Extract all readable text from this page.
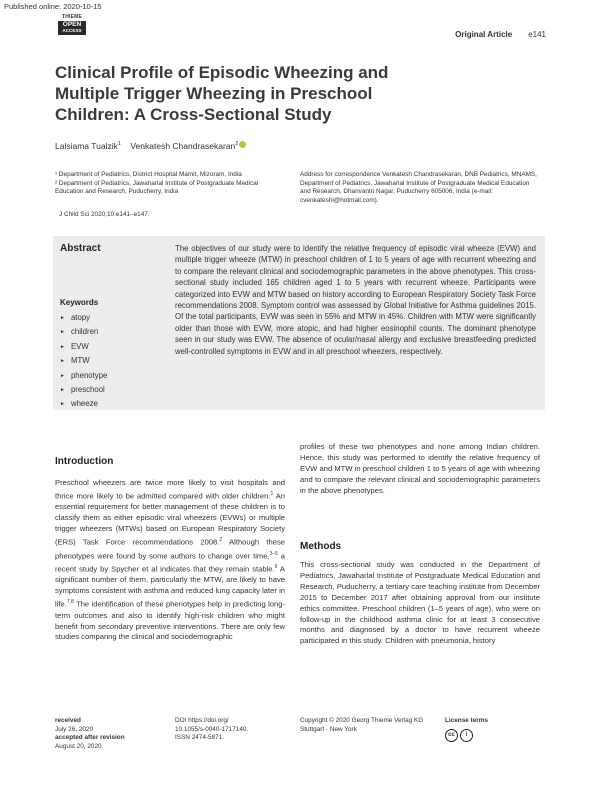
Published online: 2020-10-15
THIEME
OPEN
ACCESS	Original Article e141
Clinical Profile of Episodic Wheezing and Multiple Trigger Wheezing in Preschool Children: A Cross-Sectional Study
Lalsiama Tualzik$^1$ Venkatesh Chandrasekaran$^2$

¹ Department of Pediatrics, District Hospital Mamit, Mizoram, India

² Department of Pediatrics, Jawaharlal Institute of Postgraduate Medical Education and Research, Puducherry, India

J Child Sci 2020;10:e141–e147.
Address for correspondence Venkatesh Chandrasekaran, DNB Pediatrics, MNAMS, Department of Pediatrics, Jawaharlal Institute of Postgraduate Medical Education and Research, Dhanvantri Nagar, Puducherry 605006, India (e-mail: cvenkateshl@hotmail.com).
Abstract	The objectives of our study were to identify the relative frequency of episodic viral wheeze (EVW) and multiple trigger wheeze (MTW) in preschool children of 1 to 5 years of age with recurrent wheezing and to compare the relevant clinical and sociodemographic parameters in the above phenotypes. This cross-sectional study included 165 children aged 1 to 5 years with recurrent wheeze. Participants were categorized into EVW and MTW based on history according to European Respiratory Society Task Force recommendations 2008. Symptom control was assessed by Global Initiative for Asthma guidelines 2015. Of the total participants, EVW was seen in 55% and MTW in 45%. Children with MTW were significantly older than those with EVW, more atopic, and had higher eosinophil counts. The dominant phenotype seen in our study was EVW. The absence of ocular/nasal allergy and exclusive breastfeeding predicted well-controlled symptoms in EVW and in all preschool wheezers, respectively.

Keywords
► atopy
► children
► EVW
► MTW
► phenotype
► preschool
► wheeze
Introduction

Preschool wheezers are twice more likely to visit hospitals and thrice more likely to be admitted compared with older children.$^1$ An essential requirement for better management of these children is to classify them as either episodic viral wheezers (EVWs) or multiple trigger wheezers (MTWs) based on European Respiratory Society (ERS) Task Force recommendations 2008.$^2$ Although these phenotypes were found by some authors to change over time,$^{3-5}$ a recent study by Spycher et al indicates that they remain stable.$^6$ A significant number of them, particularly the MTW, are likely to have symptoms consistent with asthma and reduced lung capacity later in life.$^{7,8}$ The identification of these phenotypes help in predicting long-term outcomes and also to identify high-risk children who might benefit from secondary preventive interventions. There are only few studies comparing the clinical and sociodemographic

profiles of these two phenotypes and none among Indian children. Hence, this study was performed to identify the relative frequency of EVW and MTW in preschool children 1 to 5 years of age with wheezing and to compare the relevant clinical and sociodemographic parameters in the above phenotypes.

Methods

This cross-sectional study was conducted in the Department of Pediatrics, Jawaharlal Institute of Postgraduate Medical Education and Research, Puducherry, a tertiary care teaching institute from December 2015 to December 2017 after obtaining approval from our institute ethics committee. Preschool children (1–5 years of age), who were on follow-up in the childhood asthma clinic for at least 3 consecutive months and diagnosed by a doctor to have recurrent wheeze participated in this study. Children with pneumonia, history

received
July 26, 2020
accepted after revision
August 20, 2020
DOI https://doi.org/
10.1055/s-0040-1717140.
ISSN 2474-5871.
Copyright © 2020 Georg Thieme Verlag KG Stuttgart · New York
License terms
cc i
